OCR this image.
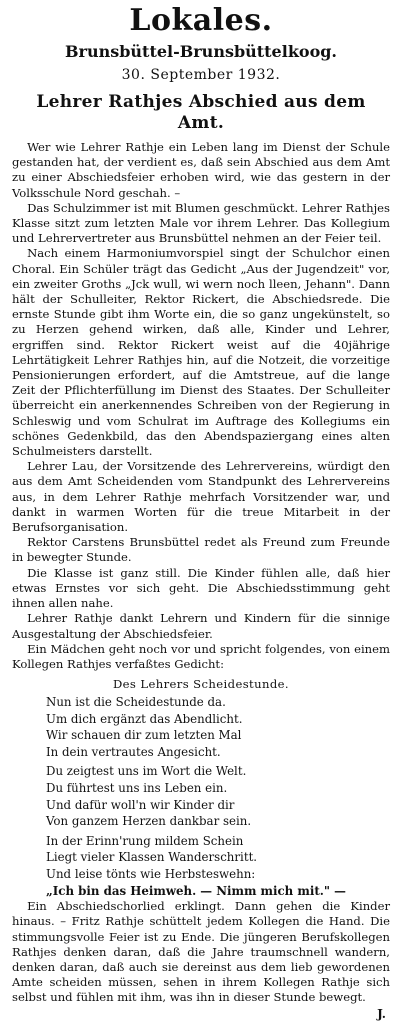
Lokales.
Brunsbüttel-Brunsbüttelkoog.
30. September 1932.
Lehrer Rathjes Abschied aus dem Amt.

Wer wie Lehrer Rathje ein Leben lang im Dienst der Schule gestanden hat, der verdient es, daß sein Abschied aus dem Amt zu einer Abschiedsfeier erhoben wird, wie das gestern in der Volksschule Nord geschah. –

Das Schulzimmer ist mit Blumen geschmückt. Lehrer Rathjes Klasse sitzt zum letzten Male vor ihrem Lehrer. Das Kollegium und Lehrervertreter aus Brunsbüttel nehmen an der Feier teil.

Nach einem Harmoniumvorspiel singt der Schulchor einen Choral. Ein Schüler trägt das Gedicht „Aus der Jugendzeit" vor, ein zweiter Groths „Jck wull, wi wern noch lleen, Jehann". Dann hält der Schulleiter, Rektor Rickert, die Abschiedsrede. Die ernste Stunde gibt ihm Worte ein, die so ganz ungekünstelt, so zu Herzen gehend wirken, daß alle, Kinder und Lehrer, ergriffen sind. Rektor Rickert weist auf die 40jährige Lehrtätigkeit Lehrer Rathjes hin, auf die Notzeit, die vorzeitige Pensionierungen erfordert, auf die Amtstreue, auf die lange Zeit der Pflichterfüllung im Dienst des Staates. Der Schulleiter überreicht ein anerkennendes Schreiben von der Regierung in Schleswig und vom Schulrat im Auftrage des Kollegiums ein schönes Gedenkbild, das den Abendspaziergang eines alten Schulmeisters darstellt.

Lehrer Lau, der Vorsitzende des Lehrervereins, würdigt den aus dem Amt Scheidenden vom Standpunkt des Lehrervereins aus, in dem Lehrer Rathje mehrfach Vorsitzender war, und dankt in warmen Worten für die treue Mitarbeit in der Berufsorganisation.

Rektor Carstens Brunsbüttel redet als Freund zum Freunde in bewegter Stunde.

Die Klasse ist ganz still. Die Kinder fühlen alle, daß hier etwas Ernstes vor sich geht. Die Abschiedsstimmung geht ihnen allen nahe.

Lehrer Rathje dankt Lehrern und Kindern für die sinnige Ausgestaltung der Abschiedsfeier.

Ein Mädchen geht noch vor und spricht folgendes, von einem Kollegen Rathjes verfaßtes Gedicht:

Des Lehrers Scheidestunde.
Nun ist die Scheidestunde da.
Um dich ergänzt das Abendlicht.
Wir schauen dir zum letzten Mal
In dein vertrautes Angesicht.
Du zeigtest uns im Wort die Welt.
Du führtest uns ins Leben ein.
Und dafür woll'n wir Kinder dir
Von ganzem Herzen dankbar sein.
In der Erinn'rung mildem Schein
Liegt vieler Klassen Wanderschritt.
Und leise tönts wie Herbsteswehn:
„Ich bin das Heimweh. — Nimm mich mit." —

Ein Abschiedschorlied erklingt. Dann gehen die Kinder hinaus. – Fritz Rathje schüttelt jedem Kollegen die Hand. Die stimmungsvolle Feier ist zu Ende. Die jüngeren Berufskollegen Rathjes denken daran, daß die Jahre traumschnell wandern, denken daran, daß auch sie dereinst aus dem lieb gewordenen Amte scheiden müssen, sehen in ihrem Kollegen Rathje sich selbst und fühlen mit ihm, was ihn in dieser Stunde bewegt.

J.
